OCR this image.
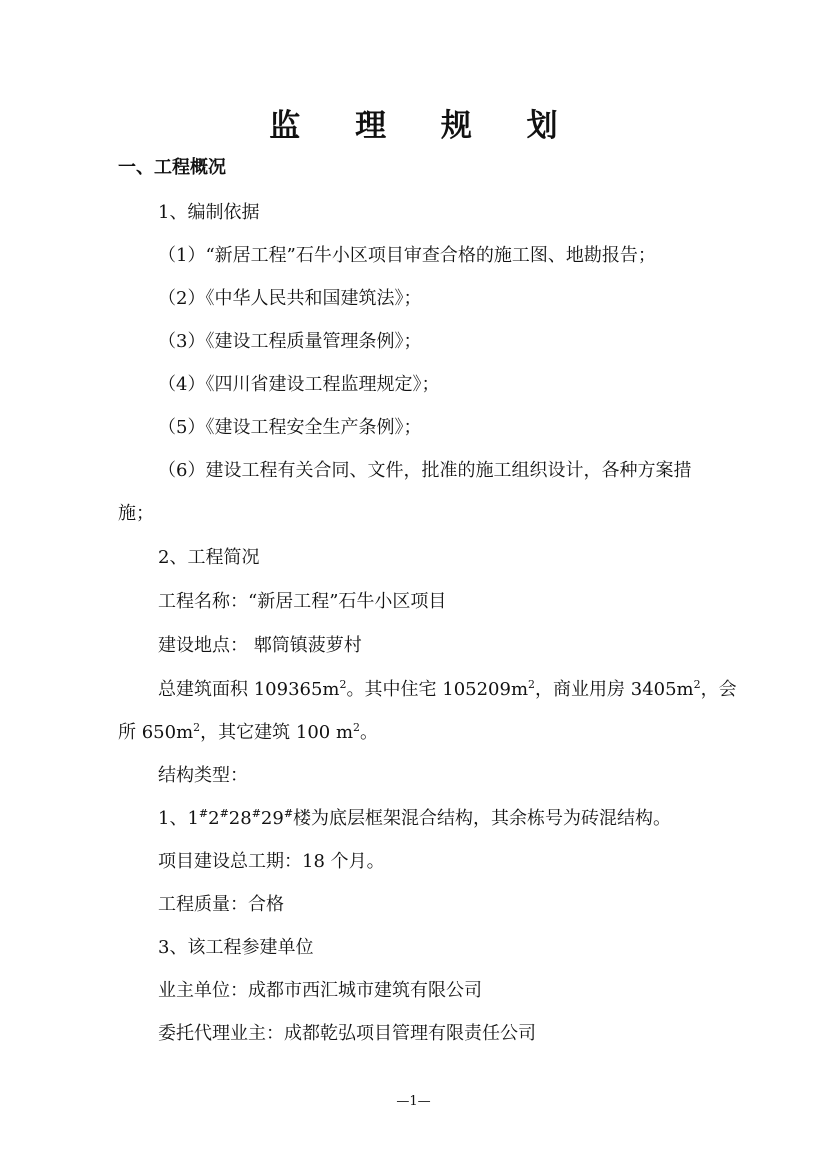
监 理 规 划
一、工程概况
1、编制依据
（1）“新居工程”石牛小区项目审查合格的施工图、地勘报告；
（2）《中华人民共和国建筑法》；
（3）《建设工程质量管理条例》；
（4）《四川省建设工程监理规定》；
（5）《建设工程安全生产条例》；
（6）建设工程有关合同、文件，批准的施工组织设计，各种方案措
施；
2、工程简况
工程名称：“新居工程”石牛小区项目
建设地点： 郫筒镇菠萝村
总建筑面积 $109365m^2$。其中住宅 $105209m^2$，商业用房 $3405m^2$，会
所 $650m^2$，其它建筑 100 $m^2$。
结构类型：
1、1#2#28#29#楼为底层框架混合结构，其余栋号为砖混结构。
项目建设总工期：18 个月。
工程质量：合格
3、该工程参建单位
业主单位：成都市西汇城市建筑有限公司
委托代理业主：成都乾弘项目管理有限责任公司
—1—
